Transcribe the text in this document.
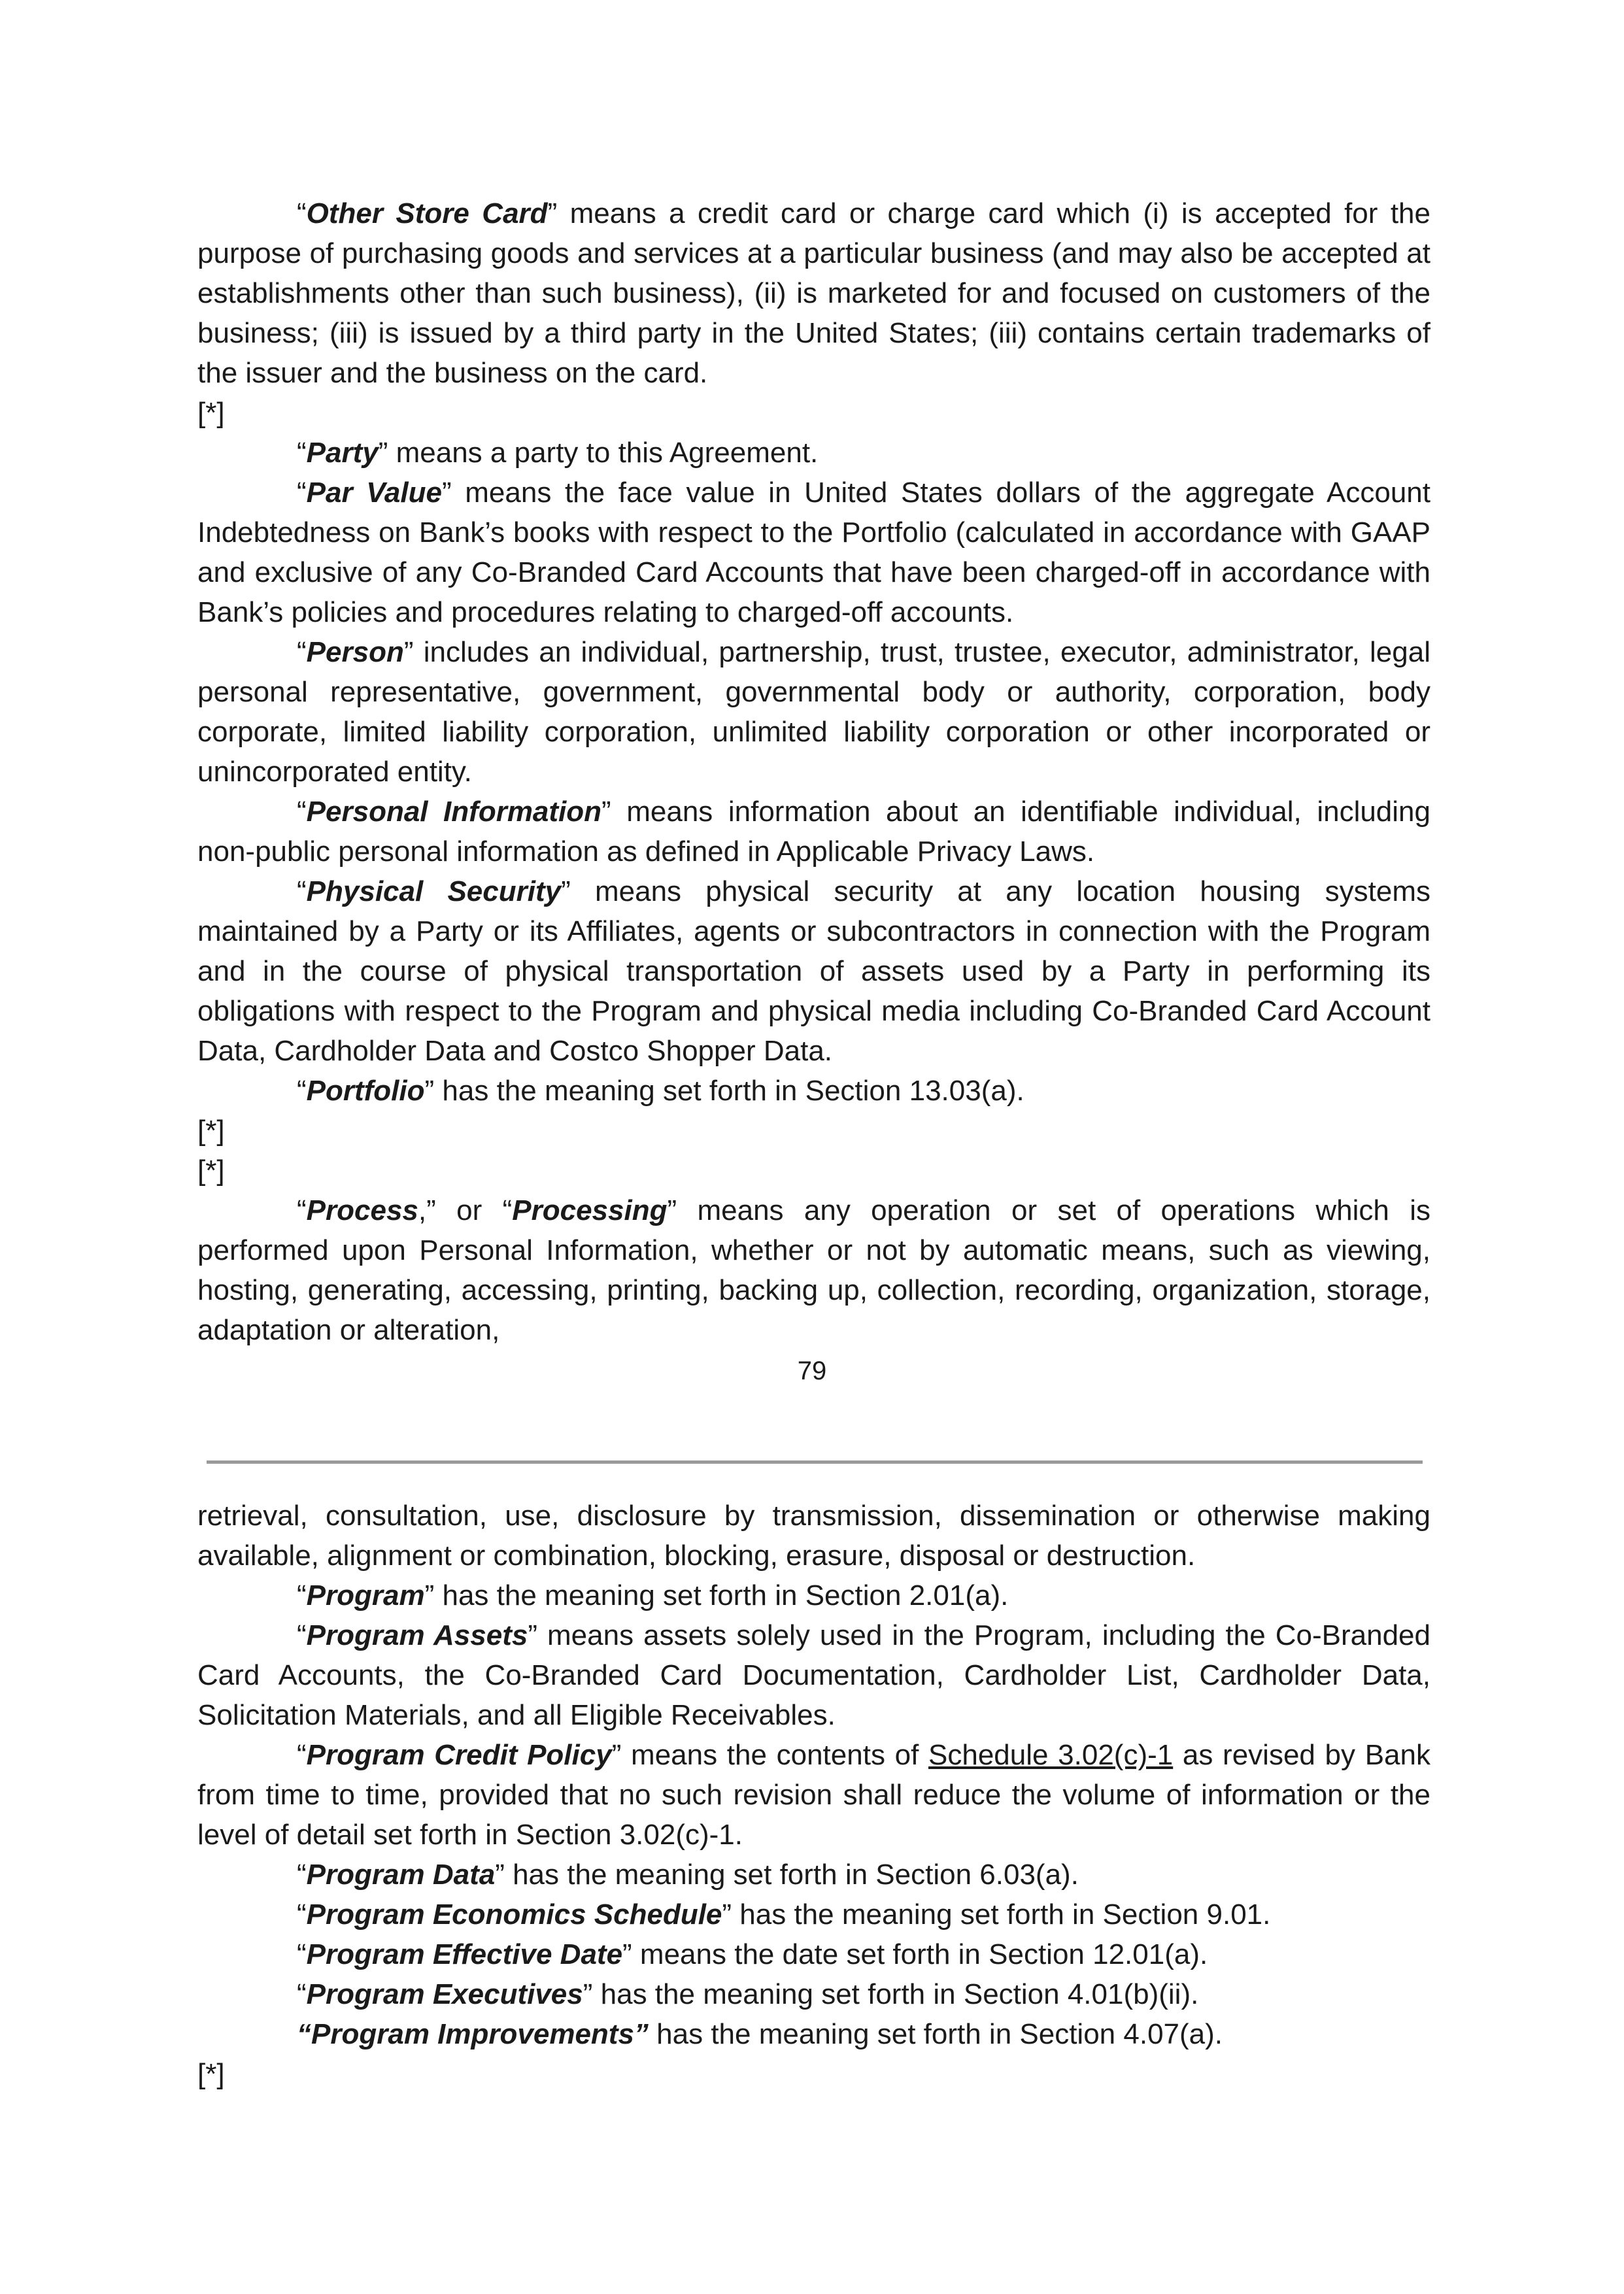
“Other Store Card” means a credit card or charge card which (i) is accepted for the purpose of purchasing goods and services at a particular business (and may also be accepted at establishments other than such business), (ii) is marketed for and focused on customers of the business; (iii) is issued by a third party in the United States; (iii) contains certain trademarks of the issuer and the business on the card.

[*]

“Party” means a party to this Agreement.

“Par Value” means the face value in United States dollars of the aggregate Account Indebtedness on Bank’s books with respect to the Portfolio (calculated in accordance with GAAP and exclusive of any Co-Branded Card Accounts that have been charged-off in accordance with Bank’s policies and procedures relating to charged-off accounts.

“Person” includes an individual, partnership, trust, trustee, executor, administrator, legal personal representative, government, governmental body or authority, corporation, body corporate, limited liability corporation, unlimited liability corporation or other incorporated or unincorporated entity.

“Personal Information” means information about an identifiable individual, including non-public personal information as defined in Applicable Privacy Laws.

“Physical Security” means physical security at any location housing systems maintained by a Party or its Affiliates, agents or subcontractors in connection with the Program and in the course of physical transportation of assets used by a Party in performing its obligations with respect to the Program and physical media including Co-Branded Card Account Data, Cardholder Data and Costco Shopper Data.

“Portfolio” has the meaning set forth in Section 13.03(a).

[*]

[*]

“Process,” or “Processing” means any operation or set of operations which is performed upon Personal Information, whether or not by automatic means, such as viewing, hosting, generating, accessing, printing, backing up, collection, recording, organization, storage, adaptation or alteration,

79

retrieval, consultation, use, disclosure by transmission, dissemination or otherwise making available, alignment or combination, blocking, erasure, disposal or destruction.

“Program” has the meaning set forth in Section 2.01(a).

“Program Assets” means assets solely used in the Program, including the Co-Branded Card Accounts, the Co-Branded Card Documentation, Cardholder List, Cardholder Data, Solicitation Materials, and all Eligible Receivables.

“Program Credit Policy” means the contents of Schedule 3.02(c)-1 as revised by Bank from time to time, provided that no such revision shall reduce the volume of information or the level of detail set forth in Section 3.02(c)-1.

“Program Data” has the meaning set forth in Section 6.03(a).

“Program Economics Schedule” has the meaning set forth in Section 9.01.

“Program Effective Date” means the date set forth in Section 12.01(a).

“Program Executives” has the meaning set forth in Section 4.01(b)(ii).

“Program Improvements” has the meaning set forth in Section 4.07(a).

[*]
